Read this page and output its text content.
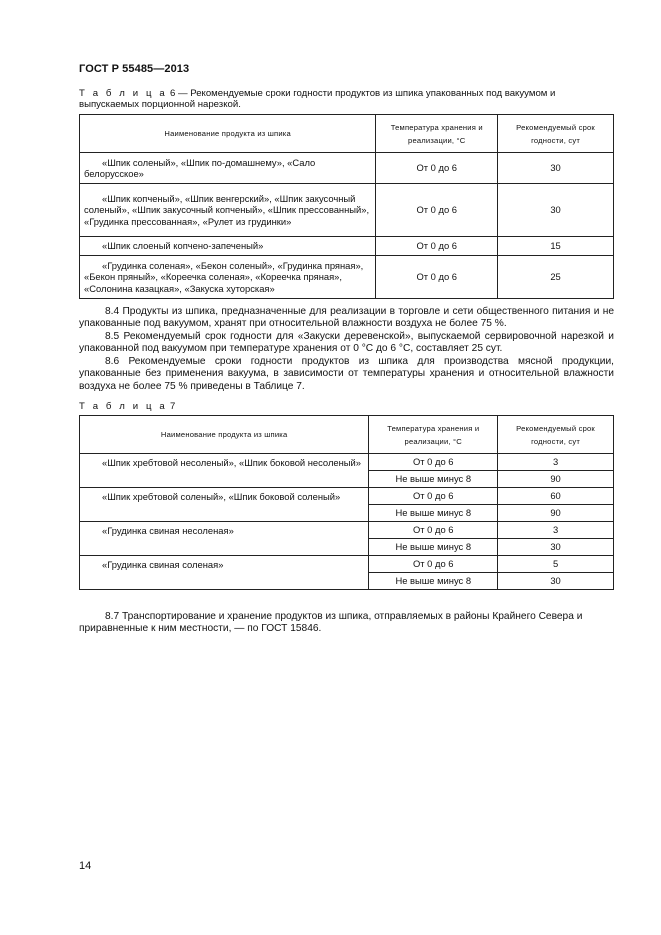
ГОСТ Р 55485—2013
Т а б л и ц а 6 — Рекомендуемые сроки годности продуктов из шпика упакованных под вакуумом и выпускаемых порционной нарезкой.
Наименование продукта из шпика	Температура хранения и реализации, °С	Рекомендуемый срок годности, сут
«Шпик соленый», «Шпик по-домашнему», «Сало белорусское»	От 0 до 6	30
«Шпик копченый», «Шпик венгерский», «Шпик закусочный соленый», «Шпик закусочный копченый», «Шпик прессованный», «Грудинка прессованная», «Рулет из грудинки»	От 0 до 6	30
«Шпик слоеный копчено-запеченый»	От 0 до 6	15
«Грудинка соленая», «Бекон соленый», «Грудинка пряная», «Бекон пряный», «Кореечка соленая», «Кореечка пряная», «Солонина казацкая», «Закуска хуторская»	От 0 до 6	25
8.4 Продукты из шпика, предназначенные для реализации в торговле и сети общественного питания и не упакованные под вакуумом, хранят при относительной влажности воздуха не более 75 %.
8.5 Рекомендуемый срок годности для «Закуски деревенской», выпускаемой сервировочной нарезкой и упакованной под вакуумом при температуре хранения от 0 °С до 6 °С, составляет 25 сут.
8.6 Рекомендуемые сроки годности продуктов из шпика для производства мясной продукции, упакованные без применения вакуума, в зависимости от температуры хранения и относительной влажности воздуха не более 75 % приведены в Таблице 7.
Т а б л и ц а 7
Наименование продукта из шпика	Температура хранения и реализации, °С	Рекомендуемый срок годности, сут
«Шпик хребтовой несоленый», «Шпик боковой несоленый»	От 0 до 6	3
	Не выше минус 8	90
«Шпик хребтовой соленый», «Шпик боковой соленый»	От 0 до 6	60
	Не выше минус 8	90
«Грудинка свиная несоленая»	От 0 до 6	3
	Не выше минус 8	30
«Грудинка свиная соленая»	От 0 до 6	5
	Не выше минус 8	30
8.7 Транспортирование и хранение продуктов из шпика, отправляемых в районы Крайнего Севера и приравненные к ним местности, — по ГОСТ 15846.
14
